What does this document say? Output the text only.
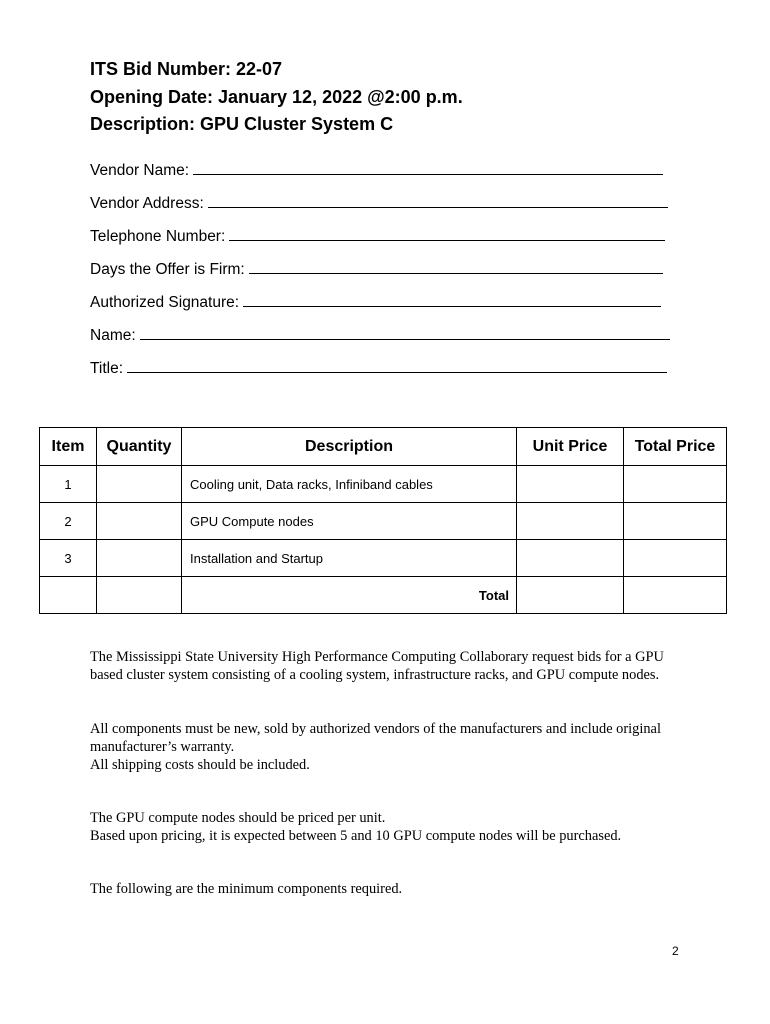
ITS Bid Number: 22-07
Opening Date: January 12, 2022 @2:00 p.m.
Description: GPU Cluster System C
Vendor Name:
Vendor Address:
Telephone Number:
Days the Offer is Firm:
Authorized Signature:
Name:
Title:
Item	Quantity	Description	Unit Price	Total Price
1		Cooling unit, Data racks, Infiniband cables		
2		GPU Compute nodes		
3		Installation and Startup		
		Total		

The Mississippi State University High Performance Computing Collaborary request bids for a GPU based cluster system consisting of a cooling system, infrastructure racks, and GPU compute nodes.

All components must be new, sold by authorized vendors of the manufacturers and include original manufacturer’s warranty.

All shipping costs should be included.

The GPU compute nodes should be priced per unit.

Based upon pricing, it is expected between 5 and 10 GPU compute nodes will be purchased.

The following are the minimum components required.

2
